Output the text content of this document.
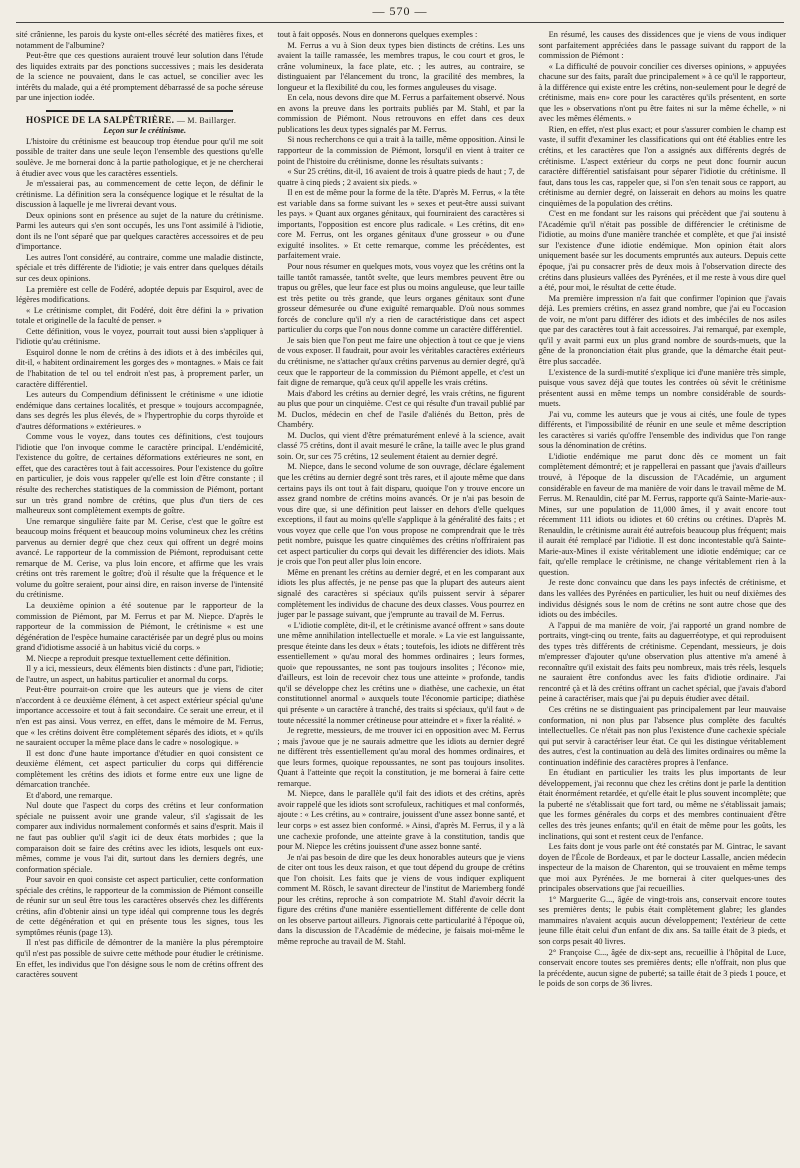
— 570 —

sité crânienne, les parois du kyste ont-elles sécrété des matières fixes, et notamment de l'albumine?

Peut-être que ces questions auraient trouvé leur solution dans l'étude des liquides extraits par des ponctions successives ; mais les desiderata de la science ne pouvaient, dans le cas actuel, se concilier avec les intérêts du malade, qui a été promptement débarrassé de sa poche séreuse par une injection iodée.

HOSPICE DE LA SALPÊTRIÈRE. — M. Baillarger.

Leçon sur le crétinisme.

L'histoire du crétinisme est beaucoup trop étendue pour qu'il me soit possible de traiter dans une seule leçon l'ensemble des questions qu'elle soulève. Je me bornerai donc à la partie pathologique, et je ne chercherai à étudier avec vous que les caractères essentiels.

Je m'essaierai pas, au commencement de cette leçon, de définir le crétinisme. La définition sera la conséquence logique et le résultat de la discussion à laquelle je me livrerai devant vous.

Deux opinions sont en présence au sujet de la nature du crétinisme. Parmi les auteurs qui s'en sont occupés, les uns l'ont assimilé à l'idiotie, dont ils ne l'ont séparé que par quelques caractères accessoires et de peu d'importance.

Les autres l'ont considéré, au contraire, comme une maladie distincte, spéciale et très différente de l'idiotie; je vais entrer dans quelques détails sur ces deux opinions.

La première est celle de Fodéré, adoptée depuis par Esquirol, avec de légères modifications.

« Le crétinisme complet, dit Fodéré, doit être défini la » privation totale et originelle de la faculté de penser. »

Cette définition, vous le voyez, pourrait tout aussi bien s'appliquer à l'idiotie qu'au crétinisme.

Esquirol donne le nom de crétins à des idiots et à des imbéciles qui, dit-il, « habitent ordinairement les gorges des » montagnes. » Mais ce fait de l'habitation de tel ou tel endroit n'est pas, à proprement parler, un caractère différentiel.

Les auteurs du Compendium définissent le crétinisme « une idiotie endémique dans certaines localités, et presque » toujours accompagnée, dans ses degrés les plus élevés, de » l'hypertrophie du corps thyroïde et d'autres déformations » extérieures. »

Comme vous le voyez, dans toutes ces définitions, c'est toujours l'idiotie que l'on invoque comme le caractère principal. L'endémicité, l'existence du goître, de certaines déformations extérieures ne sont, en effet, que des caractères tout à fait accessoires. Pour l'existence du goître en particulier, je dois vous rappeler qu'elle est loin d'être constante ; il résulte des recherches statistiques de la commission de Piémont, portant sur un très grand nombre de crétins, que plus d'un tiers de ces malheureux sont complètement exempts de goître.

Une remarque singulière faite par M. Cerise, c'est que le goître est beaucoup moins fréquent et beaucoup moins volumineux chez les crétins parvenus au dernier degré que chez ceux qui offrent un degré moins avancé. Le rapporteur de la commission de Piémont, reproduisant cette remarque de M. Cerise, va plus loin encore, et affirme que les vrais crétins ont très rarement le goître; d'où il résulte que la fréquence et le volume du goître seraient, pour ainsi dire, en raison inverse de l'intensité du crétinisme.

La deuxième opinion a été soutenue par le rapporteur de la commission de Piémont, par M. Ferrus et par M. Niepce. D'après le rapporteur de la commission de Piémont, le crétinisme « est une dégénération de l'espèce humaine caractérisée par un degré plus ou moins grand d'idiotisme associé à un habitus vicié du corps. »

M. Niecpe a reproduit presque textuellement cette définition.

Il y a ici, messieurs, deux éléments bien distincts : d'une part, l'idiotie; de l'autre, un aspect, un habitus particulier et anormal du corps.

Peut-être pourrait-on croire que les auteurs que je viens de citer n'accordent à ce deuxième élément, à cet aspect extérieur spécial qu'une importance accessoire et tout à fait secondaire. Ce serait une erreur, et il n'en est pas ainsi. Vous verrez, en effet, dans le mémoire de M. Ferrus, que « les crétins doivent être complètement séparés des idiots, et » qu'ils ne sauraient occuper la même place dans le cadre » nosologique. »

Il est donc d'une haute importance d'étudier en quoi consistent ce deuxième élément, cet aspect particulier du corps qui différencie complètement les crétins des idiots et forme entre eux une ligne de démarcation tranchée.

Et d'abord, une remarque.

Nul doute que l'aspect du corps des crétins et leur conformation spéciale ne puissent avoir une grande valeur, s'il s'agissait de les comparer aux individus normalement conformés et sains d'esprit. Mais il ne faut pas oublier qu'il s'agit ici de deux états morbides ; que la comparaison doit se faire des crétins avec les idiots, lesquels ont eux-mêmes, comme je vous l'ai dit, surtout dans les derniers degrés, une conformation spéciale.

Pour savoir en quoi consiste cet aspect particulier, cette conformation spéciale des crétins, le rapporteur de la commission de Piémont conseille de réunir sur un seul être tous les caractères observés chez les différents crétins, afin d'obtenir ainsi un type idéal qui comprenne tous les degrés de cette dégénération et qui en présente tous les signes, tous les symptômes réunis (page 13).

Il n'est pas difficile de démontrer de la manière la plus péremptoire qu'il n'est pas possible de suivre cette méthode pour étudier le crétinisme. En effet, les individus que l'on désigne sous le nom de crétins offrent des caractères souvent

tout à fait opposés. Nous en donnerons quelques exemples :

M. Ferrus a vu à Sion deux types bien distincts de crétins. Les uns avaient la taille ramassée, les membres trapus, le cou court et gros, le crâne volumineux, la face plate, etc. ; les autres, au contraire, se distinguaient par l'élancement du tronc, la gracilité des membres, la longueur et la flexibilité du cou, les formes anguleuses du visage.

En cela, nous devons dire que M. Ferrus a parfaitement observé. Nous en avons la preuve dans les portraits publiés par M. Stahl, et par la commission de Piémont. Nous retrouvons en effet dans ces deux publications les deux types signalés par M. Ferrus.

Si nous recherchons ce qui a trait à la taille, même opposition. Ainsi le rapporteur de la commission de Piémont, lorsqu'il en vient à traiter ce point de l'histoire du crétinisme, donne les résultats suivants :

« Sur 25 crétins, dit-il, 16 avaient de trois à quatre pieds de haut ; 7, de quatre à cinq pieds ; 2 avaient six pieds. »

Il en est de même pour la forme de la tête. D'après M. Ferrus, « la tête est variable dans sa forme suivant les » sexes et peut-être aussi suivant les pays. » Quant aux organes génitaux, qui fourniraient des caractères si importants, l'opposition est encore plus radicale. « Les crétins, dit en» core M. Ferrus, ont les organes génitaux d'une grosseur » ou d'une exiguïté insolites. » Et cette remarque, comme les précédentes, est parfaitement vraie.

Pour nous résumer en quelques mots, vous voyez que les crétins ont la taille tantôt ramassée, tantôt svelte, que leurs membres peuvent être ou trapus ou grêles, que leur face est plus ou moins anguleuse, que leur taille est très petite ou très grande, que leurs organes génitaux sont d'une grosseur démesurée ou d'une exiguïté remarquable. D'où nous sommes forcés de conclure qu'il n'y a rien de caractéristique dans cet aspect particulier du corps que l'on nous donne comme un caractère différentiel.

Je sais bien que l'on peut me faire une objection à tout ce que je viens de vous exposer. Il faudrait, pour avoir les véritables caractères extérieurs du crétinisme, ne s'attacher qu'aux crétins parvenus au dernier degré, qu'à ceux que le rapporteur de la commission du Piémont appelle, et c'est un fait digne de remarque, qu'à ceux qu'il appelle les vrais crétins.

Mais d'abord les crétins au dernier degré, les vrais crétins, ne figurent au plus que pour un cinquième. C'est ce qui résulte d'un travail publié par M. Duclos, médecin en chef de l'asile d'aliénés du Betton, près de Chambéry.

M. Duclos, qui vient d'être prématurément enlevé à la science, avait classé 75 crétins, dont il avait mesuré le crâne, la taille avec le plus grand soin. Or, sur ces 75 crétins, 12 seulement étaient au dernier degré.

M. Niepce, dans le second volume de son ouvrage, déclare également que les crétins au dernier degré sont très rares, et il ajoute même que dans certains pays ils ont tout à fait disparu, quoique l'on y trouve encore un assez grand nombre de crétins moins avancés. Or je n'ai pas besoin de vous dire que, si une définition peut laisser en dehors d'elle quelques exceptions, il faut au moins qu'elle s'applique à la généralité des faits ; et vous voyez que celle que l'on vous propose ne comprendrait que le très petit nombre, puisque les quatre cinquièmes des crétins n'offriraient pas cet aspect particulier du corps qui devait les différencier des idiots. Mais je crois que l'on peut aller plus loin encore.

Même en prenant les crétins au dernier degré, et en les comparant aux idiots les plus affectés, je ne pense pas que la plupart des auteurs aient signalé des caractères si spéciaux qu'ils puissent servir à séparer complètement les individus de chacune des deux classes. Vous pourrez en juger par le passage suivant, que j'emprunte au travail de M. Ferrus.

« L'idiotie complète, dit-il, et le crétinisme avancé offrent » sans doute une même annihilation intellectuelle et morale. » La vie est languissante, presque éteinte dans les deux » états ; toutefois, les idiots ne diffèrent très essentiellement » qu'au moral des hommes ordinaires ; leurs formes, quoi» que repoussantes, ne sont pas toujours insolites ; l'écono» mie, d'ailleurs, est loin de recevoir chez tous une atteinte » profonde, tandis qu'il se développe chez les crétins une » diathèse, une cachexie, un état constitutionnel anormal » auxquels toute l'économie participe; diathèse qui présente » un caractère à tranché, des traits si spéciaux, qu'il faut » de toute nécessité la nommer crétineuse pour atteindre et » fixer la réalité. »

Je regrette, messieurs, de me trouver ici en opposition avec M. Ferrus ; mais j'avoue que je ne saurais admettre que les idiots au dernier degré ne diffèrent très essentiellement qu'au moral des hommes ordinaires, et que leurs formes, quoique repoussantes, ne sont pas toujours insolites. Quant à l'atteinte que reçoit la constitution, je me bornerai à faire cette remarque.

M. Niepce, dans le parallèle qu'il fait des idiots et des crétins, après avoir rappelé que les idiots sont scrofuleux, rachitiques et mal conformés, ajoute : « Les crétins, au » contraire, jouissent d'une assez bonne santé, et leur corps » est assez bien conformé. » Ainsi, d'après M. Ferrus, il y a là une cachexie profonde, une atteinte grave à la constitution, tandis que pour M. Niepce les crétins jouissent d'une assez bonne santé.

Je n'ai pas besoin de dire que les deux honorables auteurs que je viens de citer ont tous les deux raison, et que tout dépend du groupe de crétins que l'on choisit. Les faits que je viens de vous indiquer expliquent comment M. Rösch, le savant directeur de l'institut de Mariemberg fondé pour les crétins, reproche à son compatriote M. Stahl d'avoir décrit la figure des crétins d'une manière essentiellement différente de celle dont on les observe partout ailleurs. J'ignorais cette particularité à l'époque où, dans la discussion de l'Académie de médecine, je faisais moi-même le même reproche au travail de M. Stahl.

En résumé, les causes des dissidences que je viens de vous indiquer sont parfaitement appréciées dans le passage suivant du rapport de la commission de Piémont :

« La difficulté de pouvoir concilier ces diverses opinions, » appuyées chacune sur des faits, paraît due principalement » à ce qu'il le rapporteur, à la différence qui existe entre les crétins, non-seulement pour le degré de crétinisme, mais en» core pour les caractères qu'ils présentent, en sorte que les » observations n'ont pu être faites ni sur la même échelle, » ni avec les mêmes éléments. »

Rien, en effet, n'est plus exact; et pour s'assurer combien le champ est vaste, il suffit d'examiner les classifications qui ont été établies entre les crétins, et les caractères que l'on a assignés aux différents degrés de crétinisme. L'aspect extérieur du corps ne peut donc fournir aucun caractère différentiel satisfaisant pour séparer l'idiotie du crétinisme. Il faut, dans tous les cas, rappeler que, si l'on s'en tenait sous ce rapport, au crétinisme au dernier degré, on laisserait en dehors au moins les quatre cinquièmes de la population des crétins.

C'est en me fondant sur les raisons qui précèdent que j'ai soutenu à l'Académie qu'il n'était pas possible de différencier le crétinisme de l'idiotie, au moins d'une manière tranchée et complète, et que j'ai insisté sur l'existence d'une idiotie endémique. Mon opinion était alors uniquement basée sur les documents empruntés aux auteurs. Depuis cette époque, j'ai pu consacrer près de deux mois à l'observation directe des crétins dans plusieurs vallées des Pyrénées, et il me reste à vous dire quel a été, pour moi, le résultat de cette étude.

Ma première impression n'a fait que confirmer l'opinion que j'avais déjà. Les premiers crétins, en assez grand nombre, que j'ai eu l'occasion de voir, ne m'ont paru différer des idiots et des imbéciles de nos asiles que par des caractères tout à fait accessoires. J'ai remarqué, par exemple, qu'il y avait parmi eux un plus grand nombre de sourds-muets, que la gêne de la prononciation était plus grande, que la démarche était peut-être plus saccadée.

L'existence de la surdi-mutité s'explique ici d'une manière très simple, puisque vous savez déjà que toutes les contrées où sévit le crétinisme présentent aussi en même temps un nombre considérable de sourds-muets.

J'ai vu, comme les auteurs que je vous ai cités, une foule de types différents, et l'impossibilité de réunir en une seule et même description les caractères si variés qu'offre l'ensemble des individus que l'on range sous la dénomination de crétins.

L'idiotie endémique me parut donc dès ce moment un fait complètement démontré; et je rappellerai en passant que j'avais d'ailleurs trouvé, à l'époque de la discussion de l'Académie, un argument considérable en faveur de ma manière de voir dans le travail même de M. Ferrus. M. Renauldin, cité par M. Ferrus, rapporte qu'à Sainte-Marie-aux-Mines, sur une population de 11,000 âmes, il y avait encore tout récemment 111 idiots ou idiotes et 60 crétins ou crétines. D'après M. Renauldin, le crétinisme aurait été autrefois beaucoup plus fréquent; mais il aurait été remplacé par l'idiotie. Il est donc incontestable qu'à Sainte-Marie-aux-Mines il existe véritablement une idiotie endémique; car ce fait, qu'elle remplace le crétinisme, ne change véritablement rien à la question.

Je reste donc convaincu que dans les pays infectés de crétinisme, et dans les vallées des Pyrénées en particulier, les huit ou neuf dixièmes des individus désignés sous le nom de crétins ne sont autre chose que des idiots ou des imbéciles.

A l'appui de ma manière de voir, j'ai rapporté un grand nombre de portraits, vingt-cinq ou trente, faits au daguerréotype, et qui reproduisent des types très différents de crétinisme. Cependant, messieurs, je dois m'empresser d'ajouter qu'une observation plus attentive m'a amené à reconnaître qu'il existait des faits peu nombreux, mais très réels, lesquels ne sauraient être confondus avec les faits d'idiotie ordinaire. J'ai rencontré çà et là des crétins offrant un cachet spécial, que j'avais d'abord peine à caractériser, mais que j'ai pu depuis étudier avec détail.

Ces crétins ne se distinguaient pas principalement par leur mauvaise conformation, ni non plus par l'absence plus complète des facultés intellectuelles. Ce n'était pas non plus l'existence d'une cachexie spéciale qui put servir à caractériser leur état. Ce qui les distingue véritablement des autres, c'est la continuation au delà des limites ordinaires ou même la continuation indéfinie des caractères propres à l'enfance.

En étudiant en particulier les traits les plus importants de leur développement, j'ai reconnu que chez les crétins dont je parle la dentition était énormément retardée, et qu'elle était le plus souvent incomplète; que la puberté ne s'établissait que fort tard, ou même ne s'établissait jamais; que les formes générales du corps et des membres continuaient d'être celles des très jeunes enfants; qu'il en était de même pour les goûts, les inclinations, qui sont et restent ceux de l'enfance.

Les faits dont je vous parle ont été constatés par M. Gintrac, le savant doyen de l'École de Bordeaux, et par le docteur Lassalle, ancien médecin inspecteur de la maison de Charenton, qui se trouvaient en même temps que moi aux Pyrénées. Je me bornerai à citer quelques-unes des principales observations que j'ai recueillies.

1° Marguerite G..., âgée de vingt-trois ans, conservait encore toutes ses premières dents; le pubis était complètement glabre; les glandes mammaires n'avaient acquis aucun développement; l'extérieur de cette jeune fille était celui d'un enfant de dix ans. Sa taille était de 3 pieds, et son corps pesait 40 livres.

2° Françoise C..., âgée de dix-sept ans, recueillie à l'hôpital de Luce, conservait encore toutes ses premières dents; elle n'offrait, non plus que la précédente, aucun signe de puberté; sa taille était de 3 pieds 1 pouce, et le poids de son corps de 36 livres.
